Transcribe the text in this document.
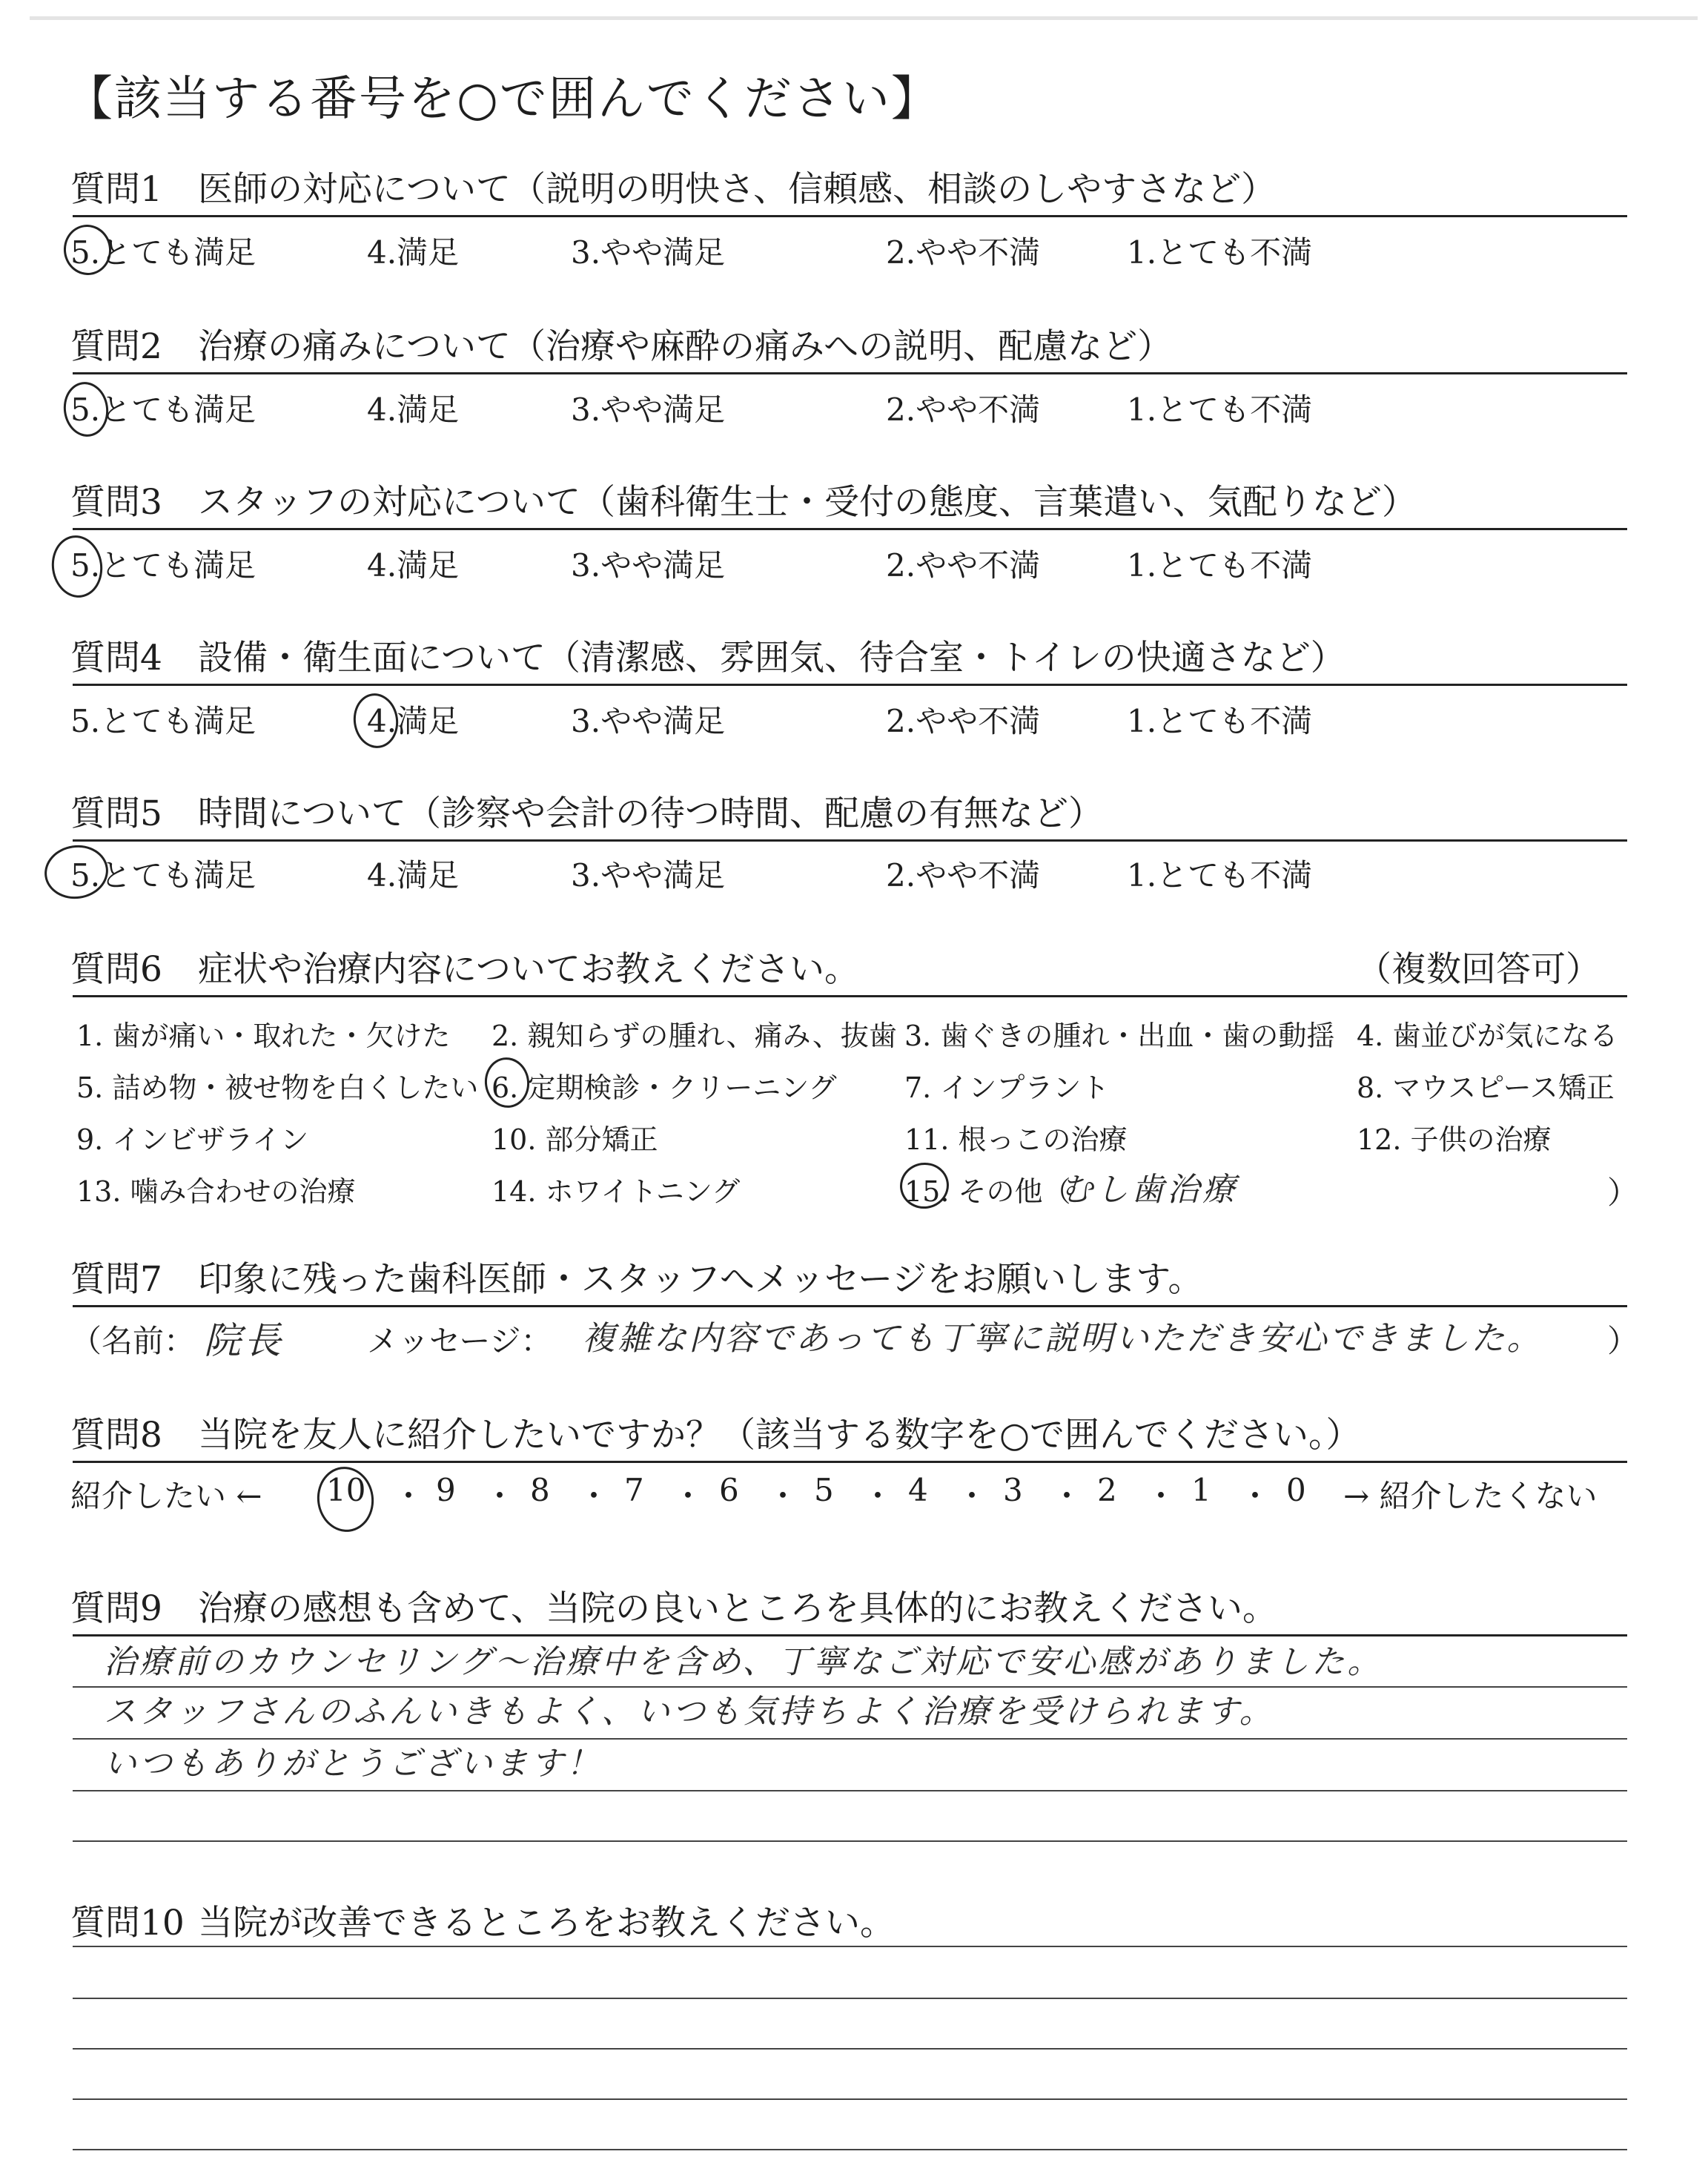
【該当する番号を○で囲んでください】
質問1 医師の対応について（説明の明快さ、信頼感、相談のしやすさなど）
5.とても満足	4.満足	3.やや満足	2.やや不満	1.とても不満
質問2 治療の痛みについて（治療や麻酔の痛みへの説明、配慮など）
5.とても満足	4.満足	3.やや満足	2.やや不満	1.とても不満
質問3 スタッフの対応について（歯科衛生士・受付の態度、言葉遣い、気配りなど）
5.とても満足	4.満足	3.やや満足	2.やや不満	1.とても不満
質問4 設備・衛生面について（清潔感、雰囲気、待合室・トイレの快適さなど）
5.とても満足	4.満足	3.やや満足	2.やや不満	1.とても不満
質問5 時間について（診察や会計の待つ時間、配慮の有無など）
5.とても満足	4.満足	3.やや満足	2.やや不満	1.とても不満
質問6 症状や治療内容についてお教えください。	（複数回答可）
1. 歯が痛い・取れた・欠けた 2. 親知らずの腫れ、痛み、抜歯 3. 歯ぐきの腫れ・出血・歯の動揺 4. 歯並びが気になる
5. 詰め物・被せ物を白くしたい 6. 定期検診・クリーニング 7. インプラント	8. マウスピース矯正
9. インビザライン	10. 部分矯正	11. 根っこの治療	12. 子供の治療
13. 噛み合わせの治療	14. ホワイトニング	15. その他（
むし歯治療	）
質問7 印象に残った歯科医師・スタッフへメッセージをお願いします。
（名前： 院長	メッセージ： 複雑な内容であっても丁寧に説明いただき安心できました。 ）
質問8 当院を友人に紹介したいですか？（該当する数字を○で囲んでください。）
紹介したい ← 10 ・ 9 ・ 8 ・ 7 ・ 6 ・ 5 ・ 4 ・ 3 ・ 2 ・ 1 ・ 0 → 紹介したくない
質問9 治療の感想も含めて、当院の良いところを具体的にお教えください。
治療前のカウンセリング～治療中を含め、丁寧なご対応で安心感がありました。
スタッフさんのふんいきもよく、いつも気持ちよく治療を受けられます。
いつもありがとうございます！
質問10 当院が改善できるところをお教えください。
